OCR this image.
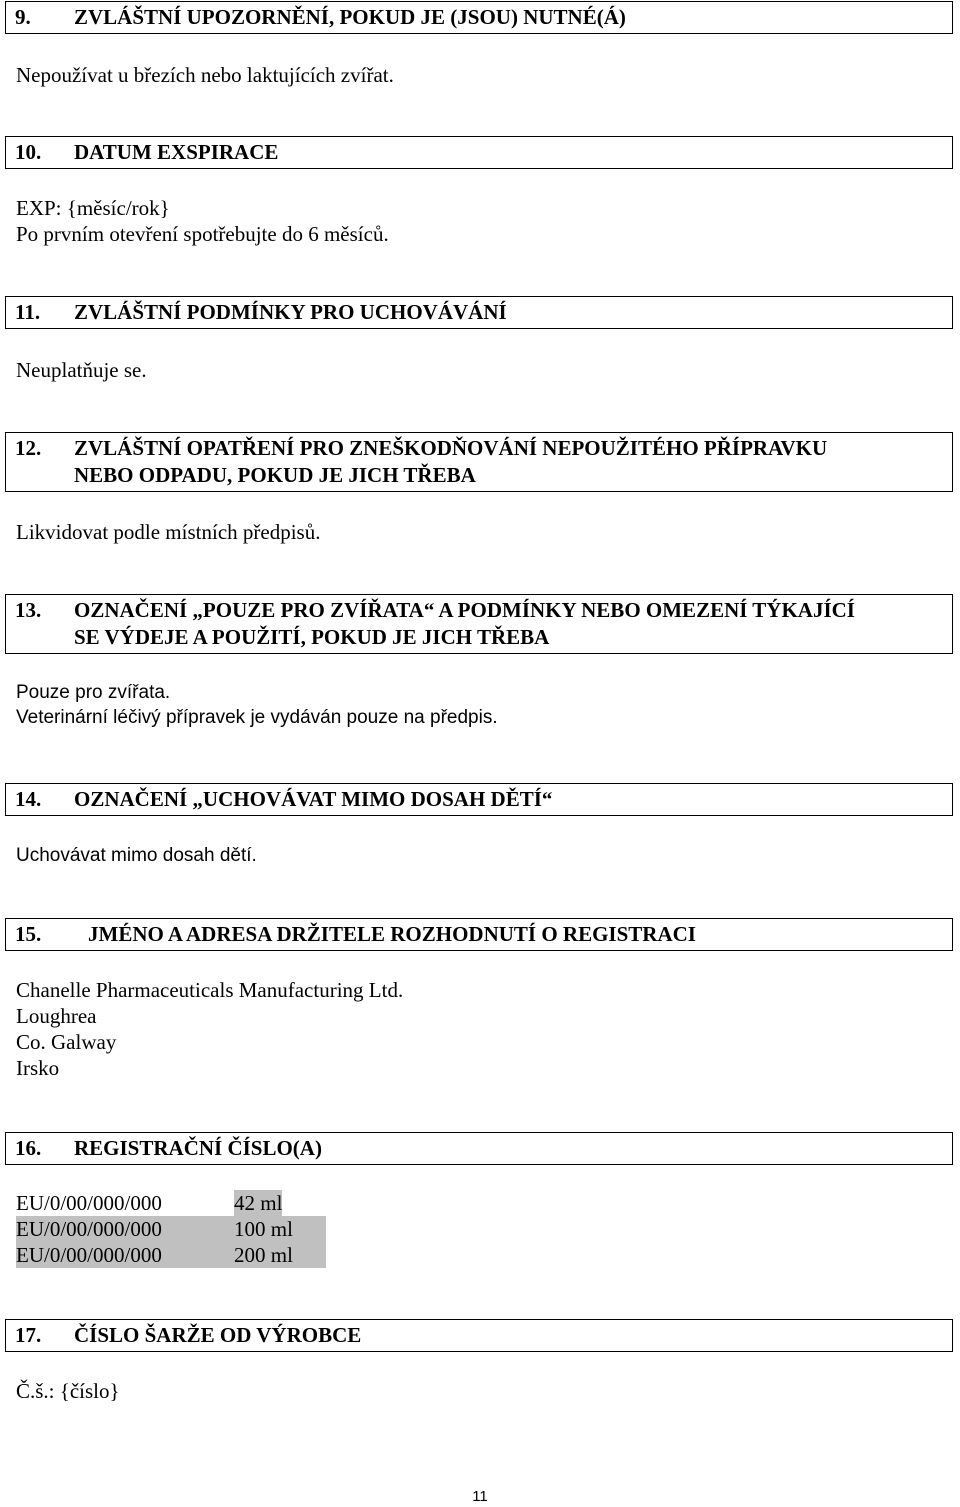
9. ZVLÁŠTNÍ UPOZORNĚNÍ, POKUD JE (JSOU) NUTNÉ(Á)
Nepoužívat u březích nebo laktujících zvířat.
10. DATUM EXSPIRACE
EXP: {měsíc/rok}
Po prvním otevření spotřebujte do 6 měsíců.
11. ZVLÁŠTNÍ PODMÍNKY PRO UCHOVÁVÁNÍ
Neuplatňuje se.
12. ZVLÁŠTNÍ OPATŘENÍ PRO ZNEŠKODŇOVÁNÍ NEPOUŽITÉHO PŘÍPRAVKU
NEBO ODPADU, POKUD JE JICH TŘEBA
Likvidovat podle místních předpisů.
13. OZNAČENÍ „POUZE PRO ZVÍŘATA“ A PODMÍNKY NEBO OMEZENÍ TÝKAJÍCÍ
SE VÝDEJE A POUŽITÍ, POKUD JE JICH TŘEBA
Pouze pro zvířata.
Veterinární léčivý přípravek je vydáván pouze na předpis.
14. OZNAČENÍ „UCHOVÁVAT MIMO DOSAH DĚTÍ“
Uchovávat mimo dosah dětí.
15. JMÉNO A ADRESA DRŽITELE ROZHODNUTÍ O REGISTRACI
Chanelle Pharmaceuticals Manufacturing Ltd.
Loughrea
Co. Galway
Irsko
16. REGISTRAČNÍ ČÍSLO(A)
EU/0/00/000/000	42 ml
EU/0/00/000/000	100 ml
EU/0/00/000/000	200 ml
17. ČÍSLO ŠARŽE OD VÝROBCE
Č.š.: {číslo}
11
